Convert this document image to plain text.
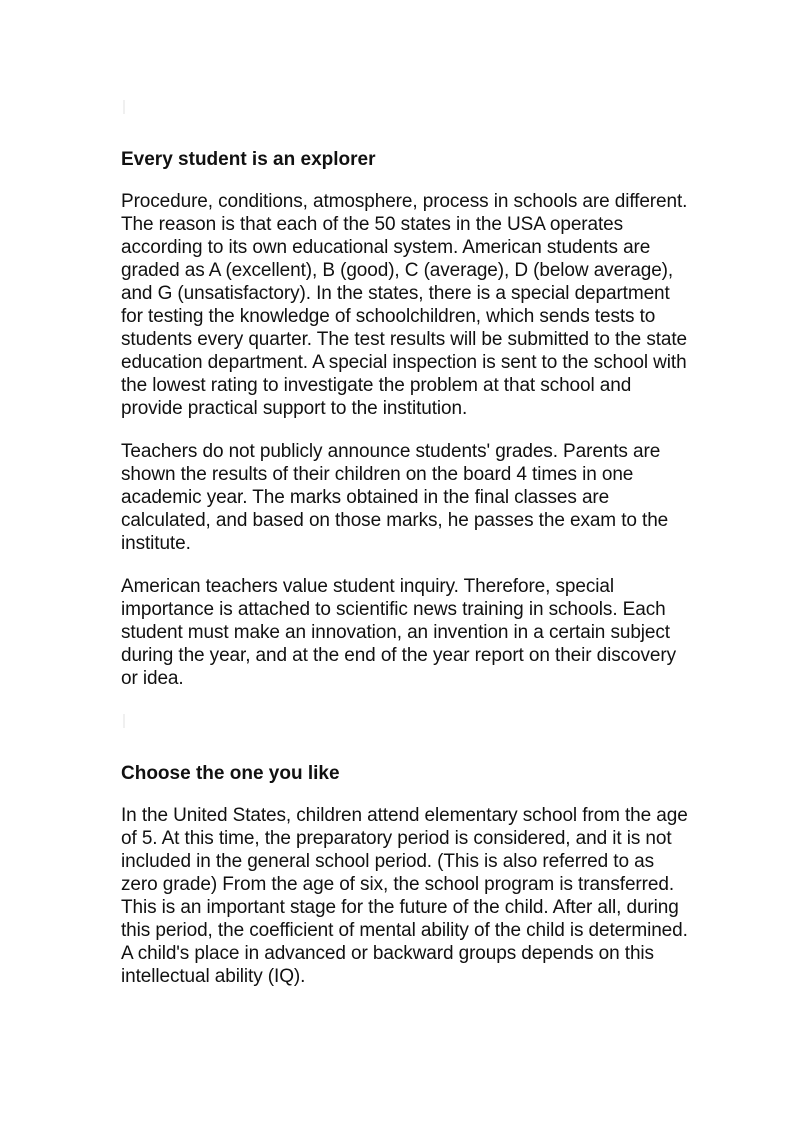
Every student is an explorer

Procedure, conditions, atmosphere, process in schools are different. The reason is that each of the 50 states in the USA operates according to its own educational system. American students are graded as A (excellent), B (good), C (average), D (below average), and G (unsatisfactory). In the states, there is a special department for testing the knowledge of schoolchildren, which sends tests to students every quarter. The test results will be submitted to the state education department. A special inspection is sent to the school with the lowest rating to investigate the problem at that school and provide practical support to the institution.

Teachers do not publicly announce students' grades. Parents are shown the results of their children on the board 4 times in one academic year. The marks obtained in the final classes are calculated, and based on those marks, he passes the exam to the institute.

American teachers value student inquiry. Therefore, special importance is attached to scientific news training in schools. Each student must make an innovation, an invention in a certain subject during the year, and at the end of the year report on their discovery or idea.

Choose the one you like

In the United States, children attend elementary school from the age of 5. At this time, the preparatory period is considered, and it is not included in the general school period. (This is also referred to as zero grade) From the age of six, the school program is transferred. This is an important stage for the future of the child. After all, during this period, the coefficient of mental ability of the child is determined. A child's place in advanced or backward groups depends on this intellectual ability (IQ).
